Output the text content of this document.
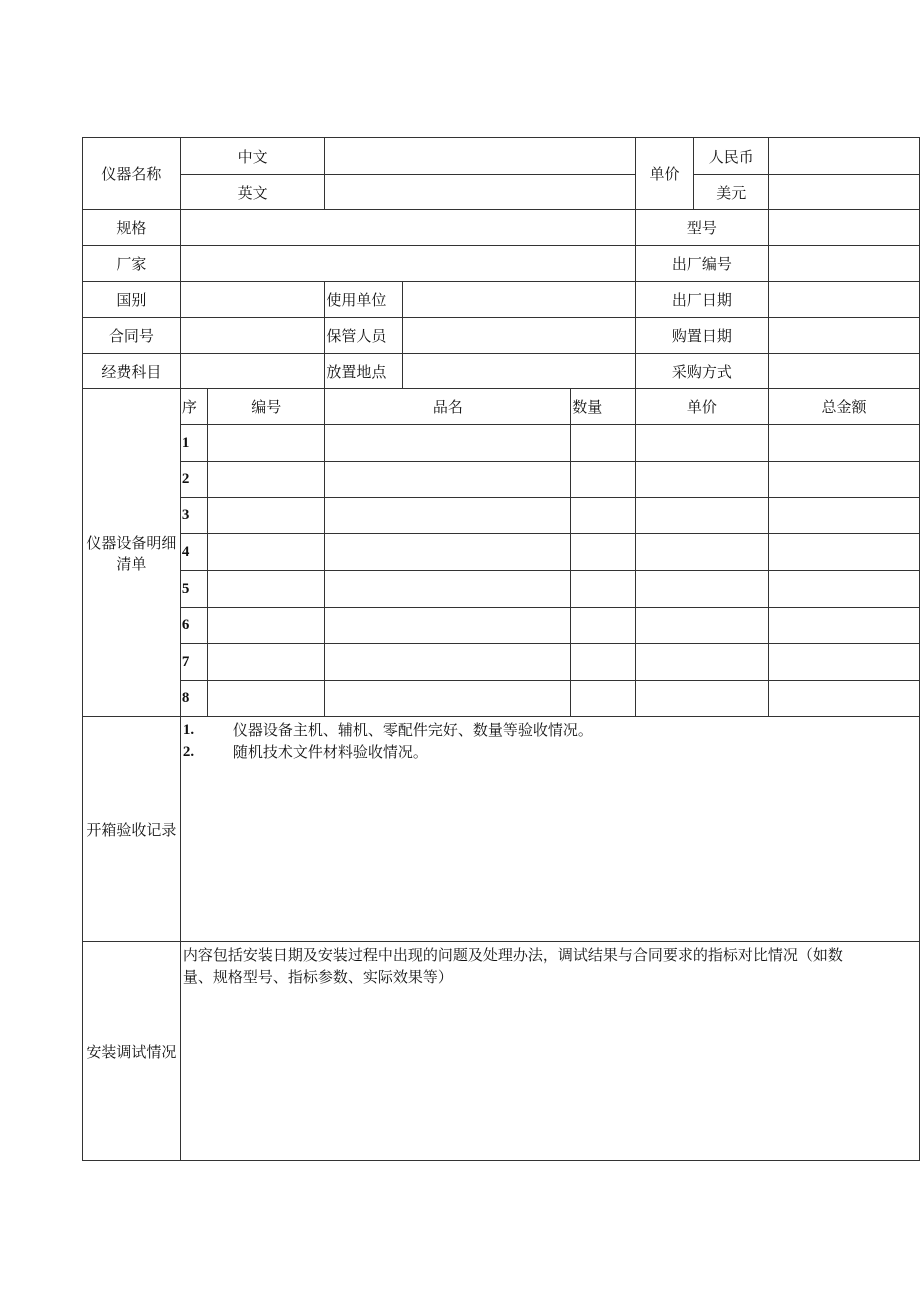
仪器名称	中文					单价	人民币	
	英文						美元	
规格						型号		
厂家						出厂编号		
国别			使用单位			出厂日期		
合同号			保管人员			购置日期		
经费科目			放置地点			采购方式		

仪器设备明细
清单	序	编号	品名		数量	单价		总金额
	1							
	2							
	3							
	4							
	5							
	6							
	7							
	8							
开箱验收记录	1. 仪器设备主机、辅机、零配件完好、数量等验收情况。
2. 随机技术文件材料验收情况。							

安装调试情况	内容包括安装日期及安装过程中出现的问题及处理办法，调试结果与合同要求的指标对比情况（如数
量、规格型号、指标参数、实际效果等）							
